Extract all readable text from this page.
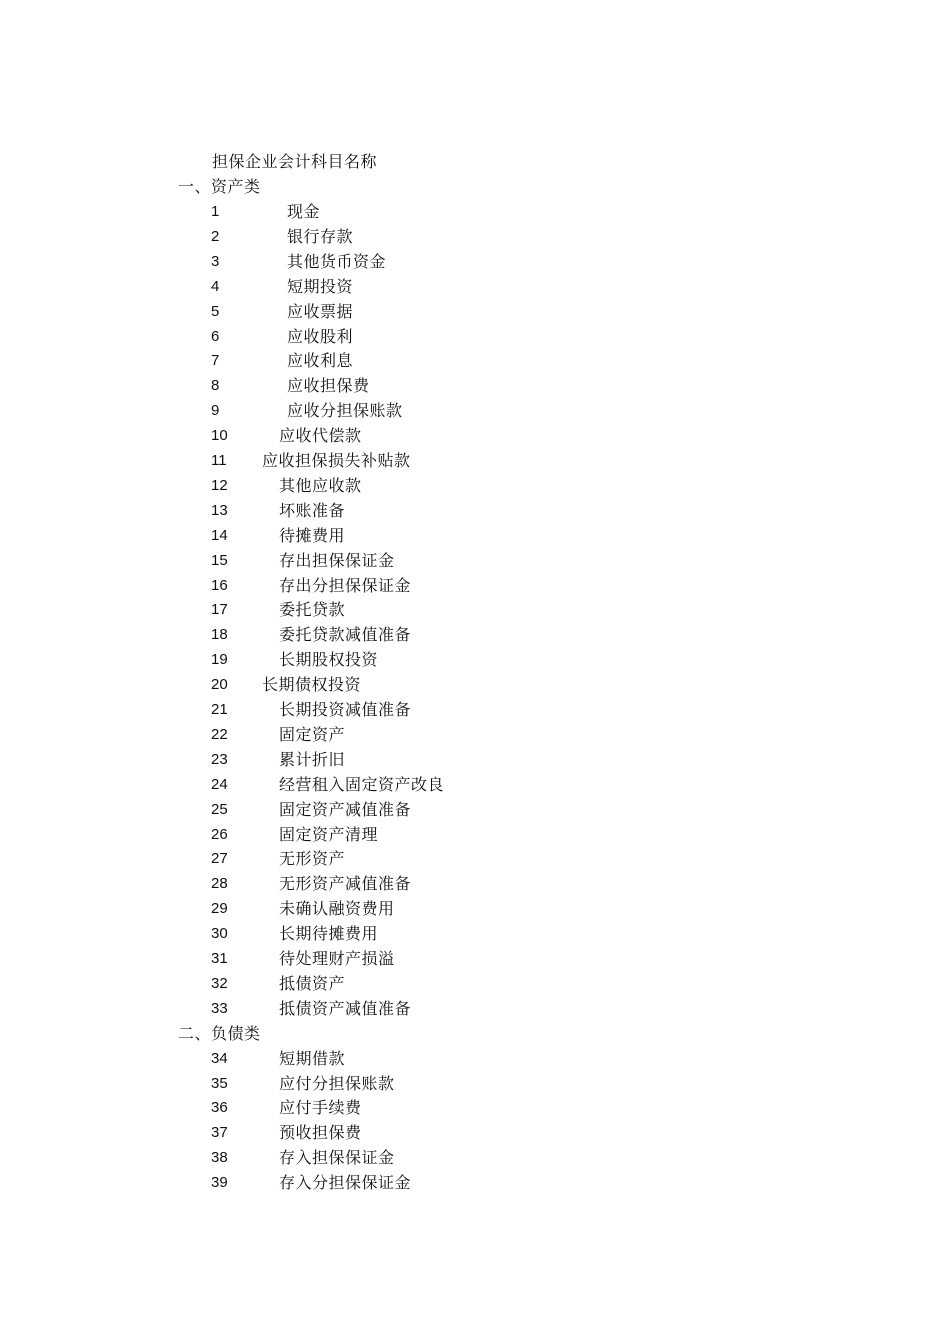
担保企业会计科目名称
一、资产类
1	现金
2	银行存款
3	其他货币资金
4	短期投资
5	应收票据
6	应收股利
7	应收利息
8	应收担保费
9	应收分担保账款
10	应收代偿款
11 应收担保损失补贴款
12	其他应收款
13	坏账准备
14	待摊费用
15	存出担保保证金
16	存出分担保保证金
17	委托贷款
18	委托贷款减值准备
19	长期股权投资
20 长期债权投资
21	长期投资减值准备
22	固定资产
23	累计折旧
24	经营租入固定资产改良
25	固定资产减值准备
26	固定资产清理
27	无形资产
28	无形资产减值准备
29	未确认融资费用
30	长期待摊费用
31	待处理财产损溢
32	抵债资产
33	抵债资产减值准备
二、负债类
34	短期借款
35	应付分担保账款
36	应付手续费
37	预收担保费
38	存入担保保证金
39	存入分担保保证金
